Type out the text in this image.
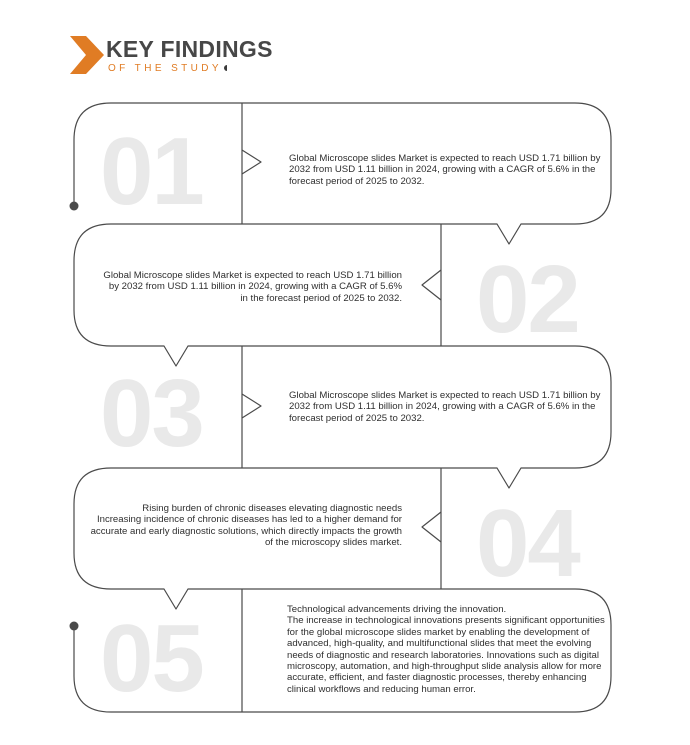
KEY FINDINGS
OF THE STUDY
01
02
03
04
05

Global Microscope slides Market is expected to reach USD 1.71 billion by 2032 from USD 1.11 billion in 2024, growing with a CAGR of 5.6% in the forecast period of 2025 to 2032.

Global Microscope slides Market is expected to reach USD 1.71 billion by 2032 from USD 1.11 billion in 2024, growing with a CAGR of 5.6% in the forecast period of 2025 to 2032.

Global Microscope slides Market is expected to reach USD 1.71 billion by 2032 from USD 1.11 billion in 2024, growing with a CAGR of 5.6% in the forecast period of 2025 to 2032.

Rising burden of chronic diseases elevating diagnostic needs

Increasing incidence of chronic diseases has led to a higher demand for accurate and early diagnostic solutions, which directly impacts the growth of the microscopy slides market.

Technological advancements driving the innovation.

The increase in technological innovations presents significant opportunities for the global microscope slides market by enabling the development of advanced, high-quality, and multifunctional slides that meet the evolving needs of diagnostic and research laboratories. Innovations such as digital microscopy, automation, and high-throughput slide analysis allow for more accurate, efficient, and faster diagnostic processes, thereby enhancing clinical workflows and reducing human error.
